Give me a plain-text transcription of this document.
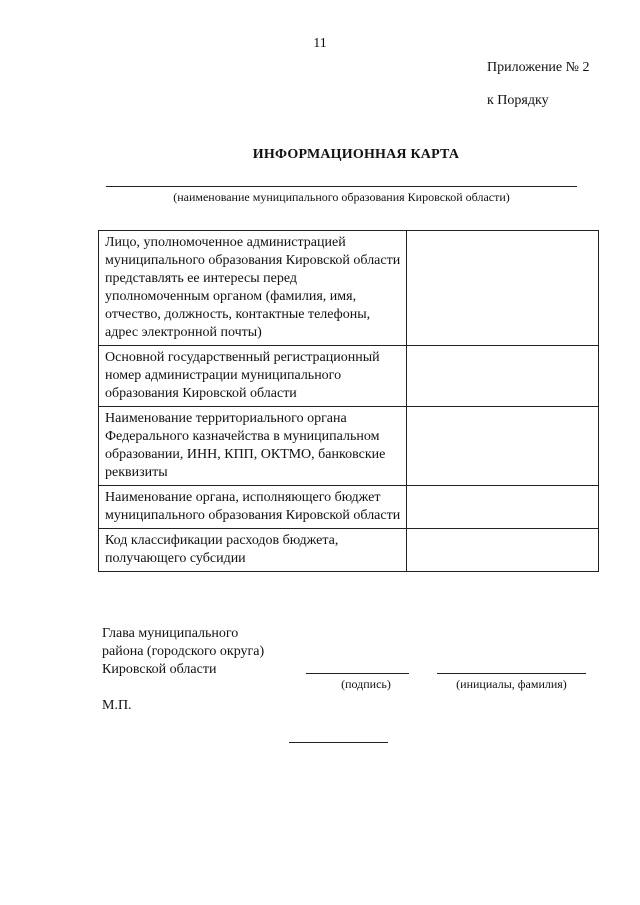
11
Приложение № 2
к Порядку
ИНФОРМАЦИОННАЯ КАРТА
(наименование муниципального образования Кировской области)
Лицо, уполномоченное администрацией муниципального образования Кировской области представлять ее интересы перед уполномоченным органом (фамилия, имя, отчество, должность, контактные телефоны, адрес электронной почты)	
Основной государственный регистрационный номер администрации муниципального образования Кировской области	
Наименование территориального органа Федерального казначейства в муниципальном образовании, ИНН, КПП, ОКТМО, банковские реквизиты	
Наименование органа, исполняющего бюджет муниципального образования Кировской области	
Код классификации расходов бюджета, получающего субсидии	
Глава муниципального
района (городского округа)
Кировской области
(подпись)	(инициалы, фамилия)
М.П.
